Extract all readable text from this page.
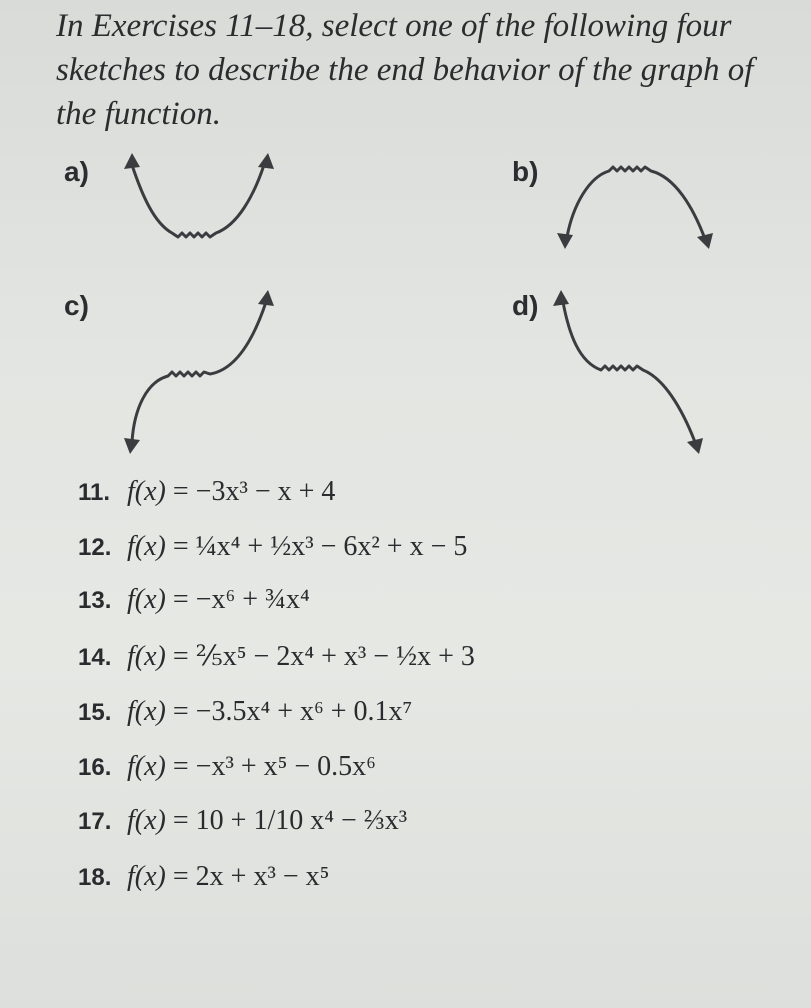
In Exercises 11–18, select one of the following four sketches to describe the end behavior of the graph of the function.

a)	b)
c)	d)
11. f(x) = −3x³ − x + 4
12. f(x) = ¼x⁴ + ½x³ − 6x² + x − 5
13. f(x) = −x⁶ + ¾x⁴
14. f(x) = ⅖x⁵ − 2x⁴ + x³ − ½x + 3
15. f(x) = −3.5x⁴ + x⁶ + 0.1x⁷
16. f(x) = −x³ + x⁵ − 0.5x⁶
17. f(x) = 10 + 1/10 x⁴ − ⅔x³
18. f(x) = 2x + x³ − x⁵
